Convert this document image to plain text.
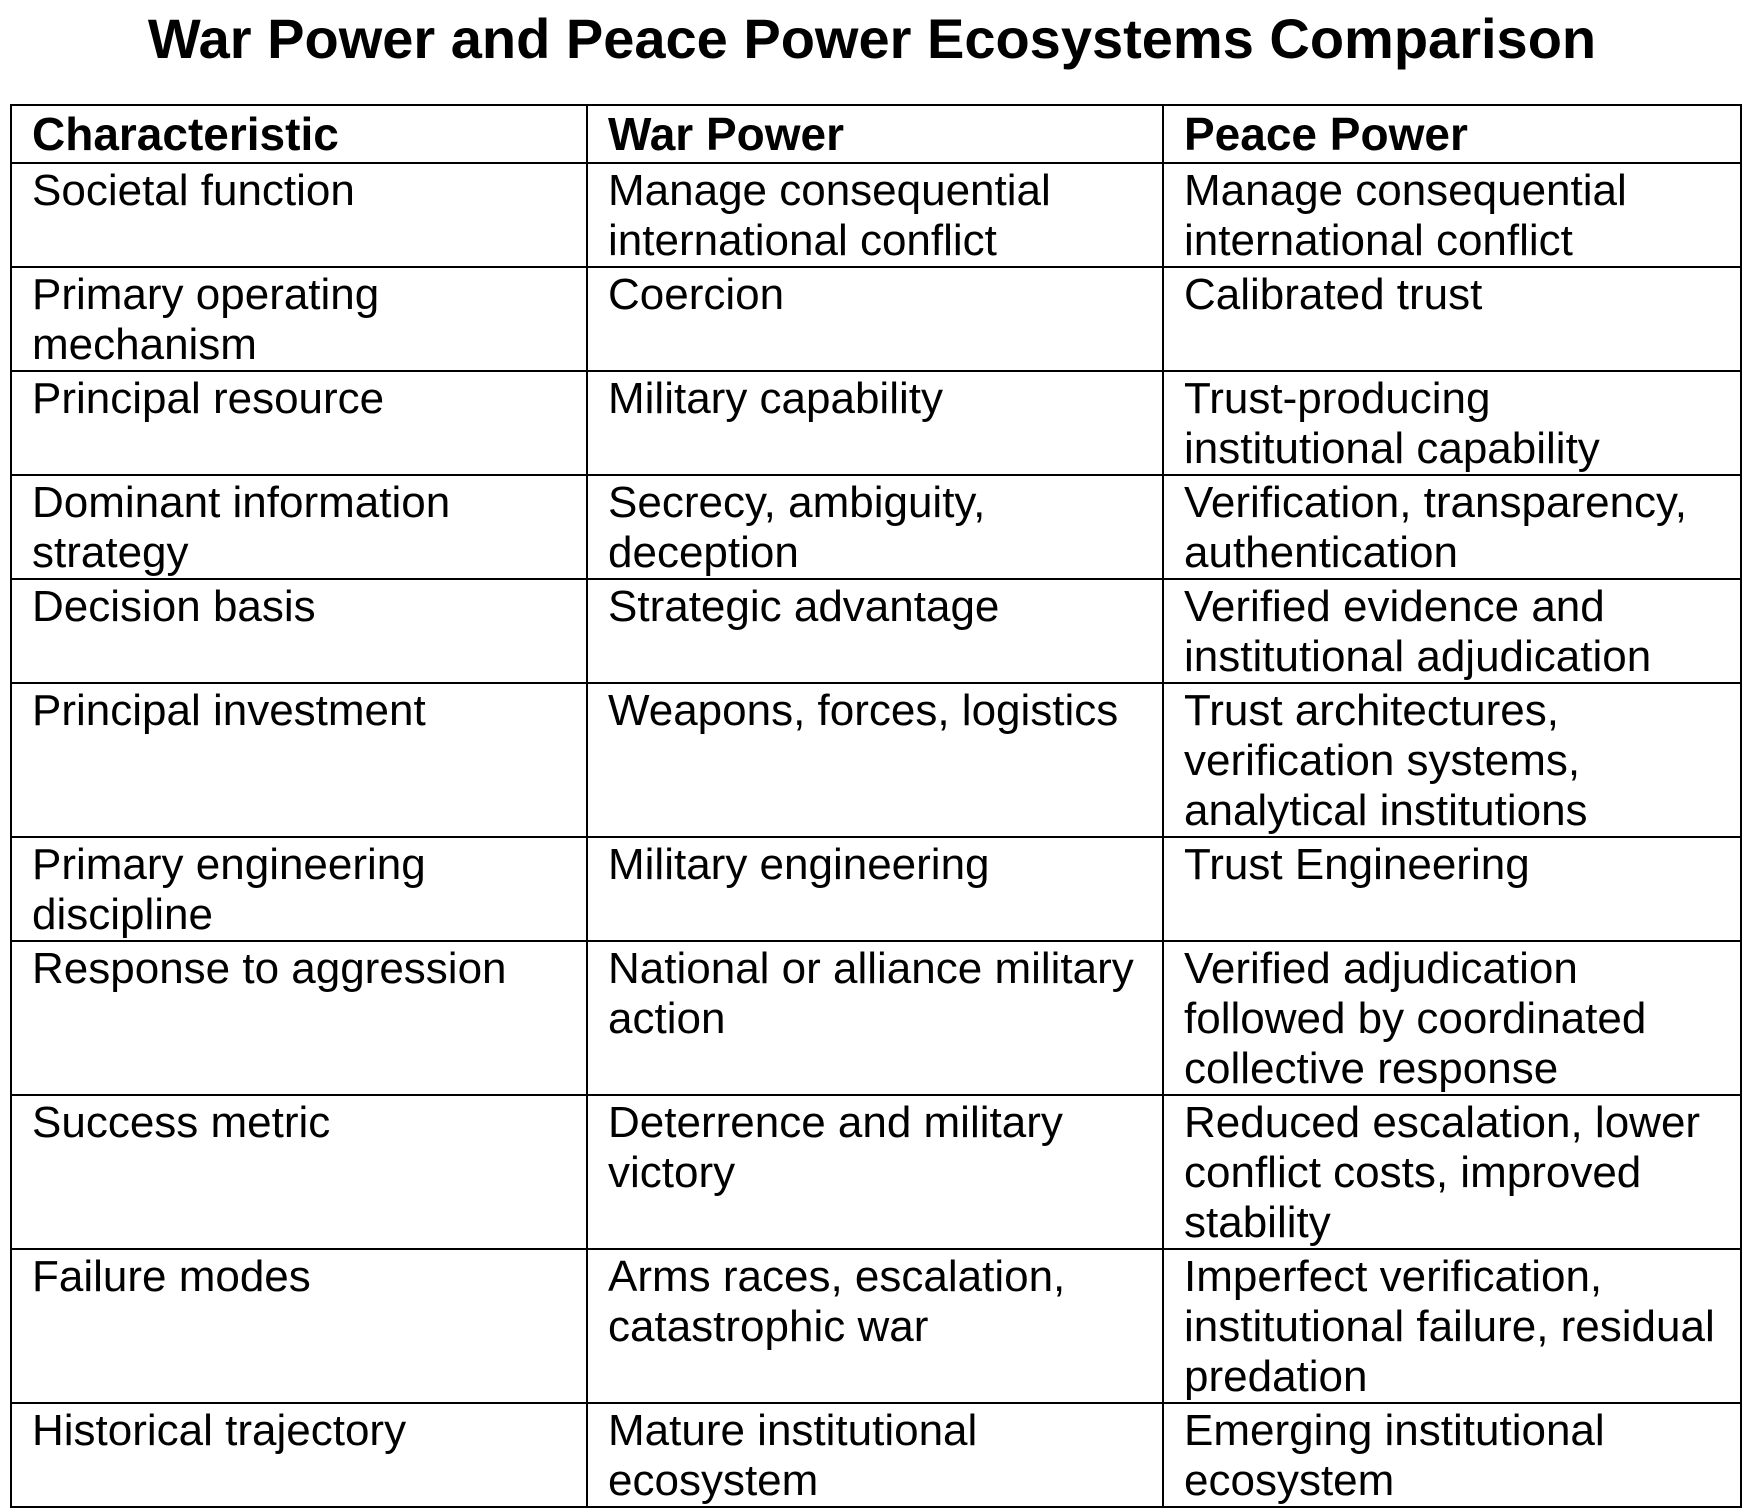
War Power and Peace Power Ecosystems Comparison
Characteristic	War Power	Peace Power
Societal function	Manage consequential international conflict	Manage consequential international conflict
Primary operating mechanism	Coercion	Calibrated trust
Principal resource	Military capability	Trust-producing institutional capability
Dominant information strategy	Secrecy, ambiguity, deception	Verification, transparency, authentication
Decision basis	Strategic advantage	Verified evidence and institutional adjudication
Principal investment	Weapons, forces, logistics	Trust architectures, verification systems, analytical institutions
Primary engineering discipline	Military engineering	Trust Engineering
Response to aggression	National or alliance military action	Verified adjudication followed by coordinated collective response
Success metric	Deterrence and military victory	Reduced escalation, lower conflict costs, improved stability
Failure modes	Arms races, escalation, catastrophic war	Imperfect verification, institutional failure, residual predation
Historical trajectory	Mature institutional ecosystem	Emerging institutional ecosystem
